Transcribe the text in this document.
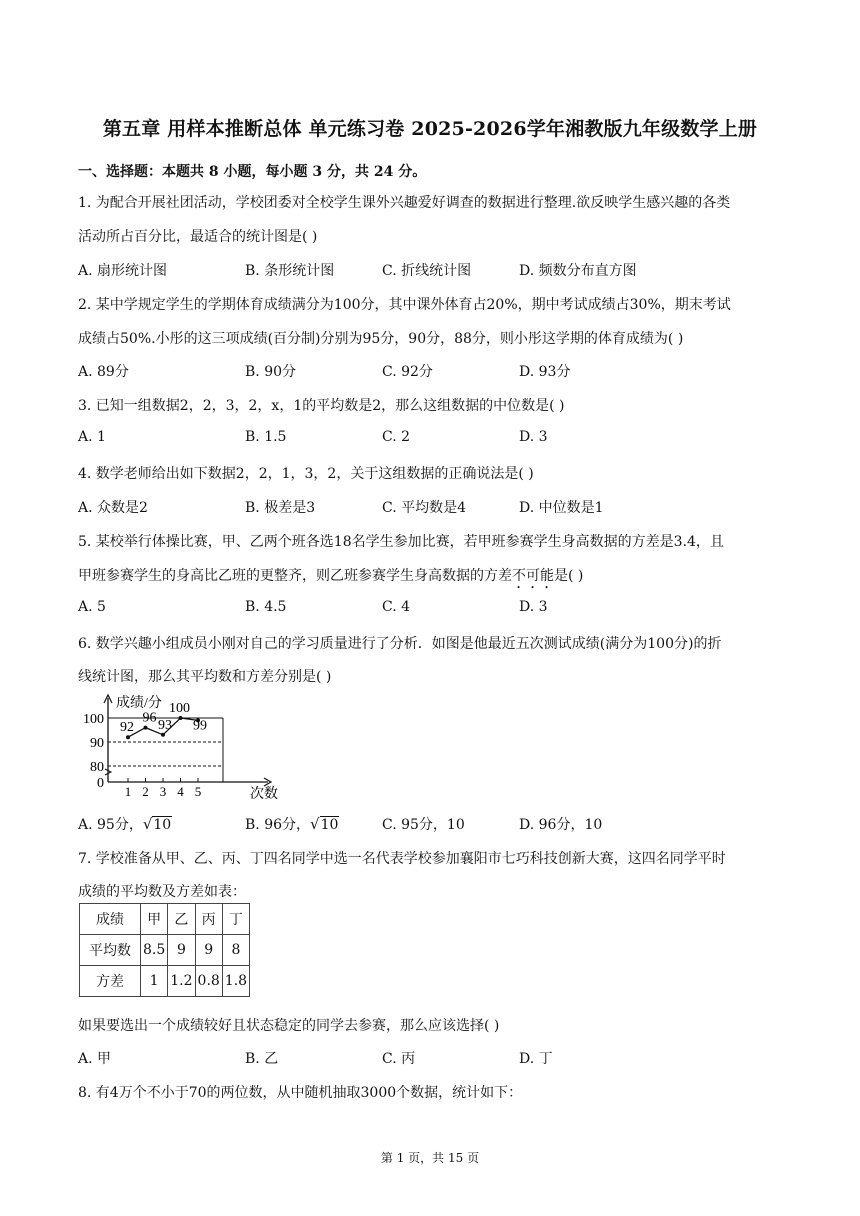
第五章 用样本推断总体 单元练习卷 2025-2026学年湘教版九年级数学上册
一、选择题：本题共 8 小题，每小题 3 分，共 24 分。
1. 为配合开展社团活动，学校团委对全校学生课外兴趣爱好调查的数据进行整理.欲反映学生感兴趣的各类
活动所占百分比，最适合的统计图是( )
A. 扇形统计图	B. 条形统计图	C. 折线统计图	D. 频数分布直方图
2. 某中学规定学生的学期体育成绩满分为100分，其中课外体育占20%，期中考试成绩占30%，期末考试
成绩占50%.小彤的这三项成绩(百分制)分别为95分，90分，88分，则小彤这学期的体育成绩为( )
A. 89分	B. 90分	C. 92分	D. 93分
3. 已知一组数据2，2，3，2，x，1的平均数是2，那么这组数据的中位数是( )
A. 1	B. 1.5	C. 2	D. 3
4. 数学老师给出如下数据2，2，1，3，2，关于这组数据的正确说法是( )
A. 众数是2	B. 极差是3	C. 平均数是4	D. 中位数是1
5. 某校举行体操比赛，甲、乙两个班各选18名学生参加比赛，若甲班参赛学生身高数据的方差是3.4，且
甲班参赛学生的身高比乙班的更整齐，则乙班参赛学生身高数据的方差不可能是( )
A. 5	B. 4.5	C. 4	D. 3
6. 数学兴趣小组成员小刚对自己的学习质量进行了分析．如图是他最近五次测试成绩(满分为100分)的折
线统计图，那么其平均数和方差分别是( )
成绩/分
0
80
90
100
1 2 3 4 5
92
96 93
100
99
次数
A. 95分，√10	B. 96分，√10	C. 95分，10	D. 96分，10
7. 学校准备从甲、乙、丙、丁四名同学中选一名代表学校参加襄阳市七巧科技创新大赛，这四名同学平时
成绩的平均数及方差如表：
成绩	甲	乙	丙	丁
平均数	8.5	9	9	8
方差	1	1.2	0.8	1.8
如果要选出一个成绩较好且状态稳定的同学去参赛，那么应该选择( )
A. 甲	B. 乙	C. 丙	D. 丁
8. 有4万个不小于70的两位数，从中随机抽取3000个数据，统计如下：
第 1 页，共 15 页
